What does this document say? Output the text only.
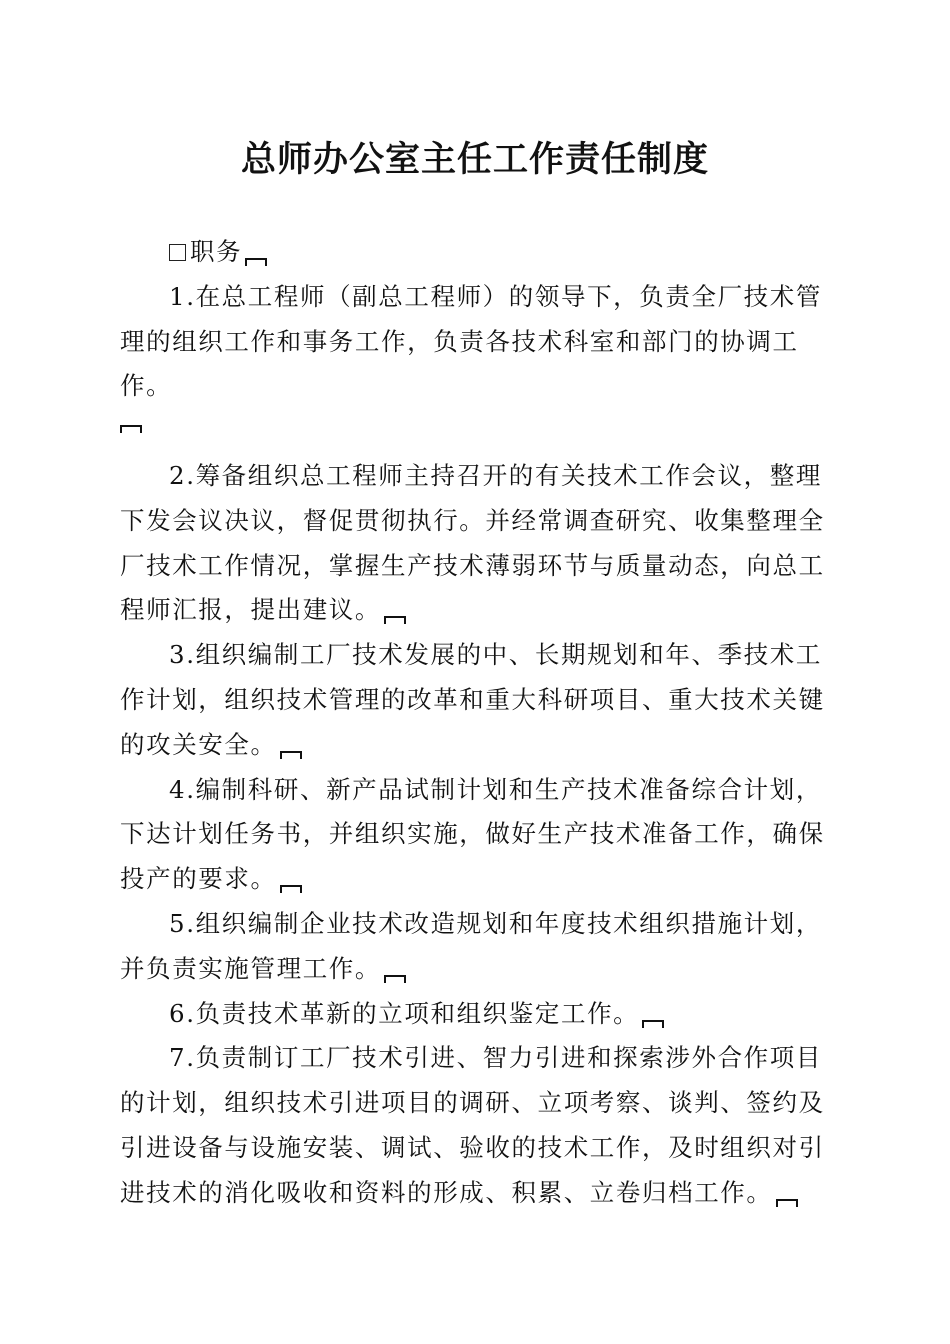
总师办公室主任工作责任制度

职务

1.在总工程师（副总工程师）的领导下，负责全厂技术管理的组织工作和事务工作，负责各技术科室和部门的协调工作。

2.筹备组织总工程师主持召开的有关技术工作会议，整理下发会议决议，督促贯彻执行。并经常调查研究、收集整理全厂技术工作情况，掌握生产技术薄弱环节与质量动态，向总工程师汇报，提出建议。

3.组织编制工厂技术发展的中、长期规划和年、季技术工作计划，组织技术管理的改革和重大科研项目、重大技术关键的攻关安全。

4.编制科研、新产品试制计划和生产技术准备综合计划，下达计划任务书，并组织实施，做好生产技术准备工作，确保投产的要求。

5.组织编制企业技术改造规划和年度技术组织措施计划，并负责实施管理工作。

6.负责技术革新的立项和组织鉴定工作。

7.负责制订工厂技术引进、智力引进和探索涉外合作项目的计划，组织技术引进项目的调研、立项考察、谈判、签约及引进设备与设施安装、调试、验收的技术工作，及时组织对引进技术的消化吸收和资料的形成、积累、立卷归档工作。
